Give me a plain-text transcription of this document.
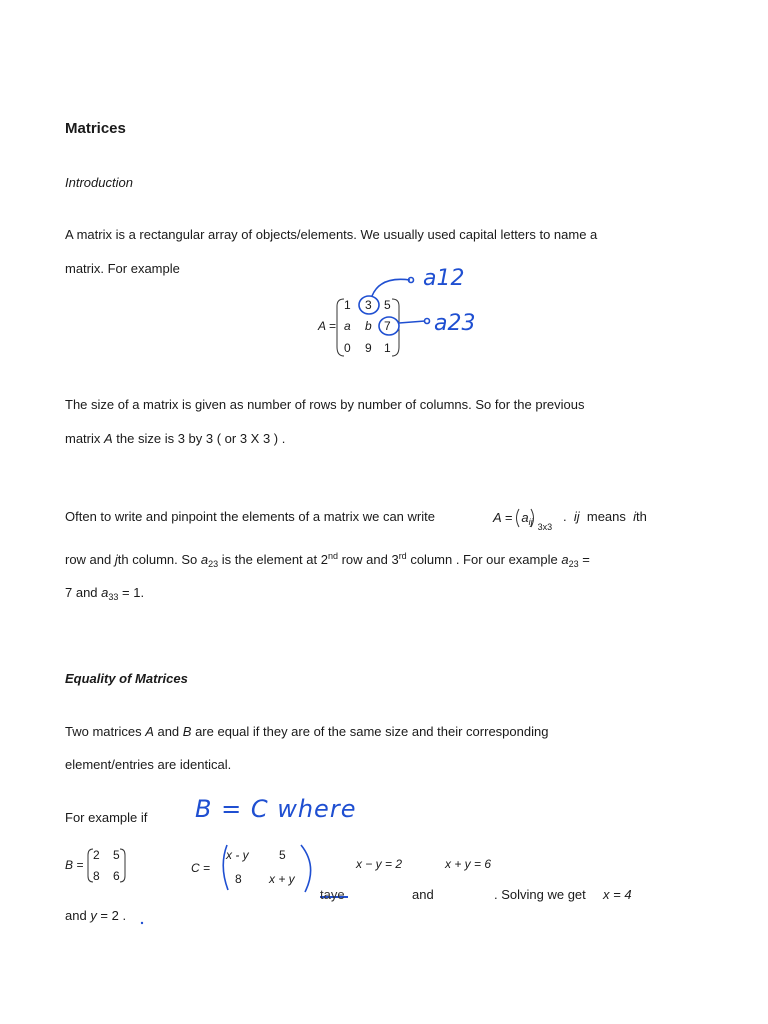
Matrices
Introduction
A matrix is a rectangular array of objects/elements. We usually used capital letters to name a
matrix. For example
A =
1 3 5
a b 7
0 9 1
a12
a23
The size of a matrix is given as number of rows by number of columns. So for the previous
matrix A the size is 3 by 3 ( or 3 X 3 ) .
Often to write and pinpoint the elements of a matrix we can write	$A = a_{ij}$ $_{3x3}$
. ij means ith
row and jth column. So $a_{23}$ is the element at 2nd row and 3rd column . For our example $a_{23}$ =
7 and $a_{33} = 1$.
Equality of Matrices
Two matrices A and B are equal if they are of the same size and their corresponding
element/entries are identical.
For example if B = C where
B =
2 5
8 6
C =
x - y	5
8 x + y
x − y = 2	x + y = 6
taye	and	. Solving we get x = 4
and y = 2 .
